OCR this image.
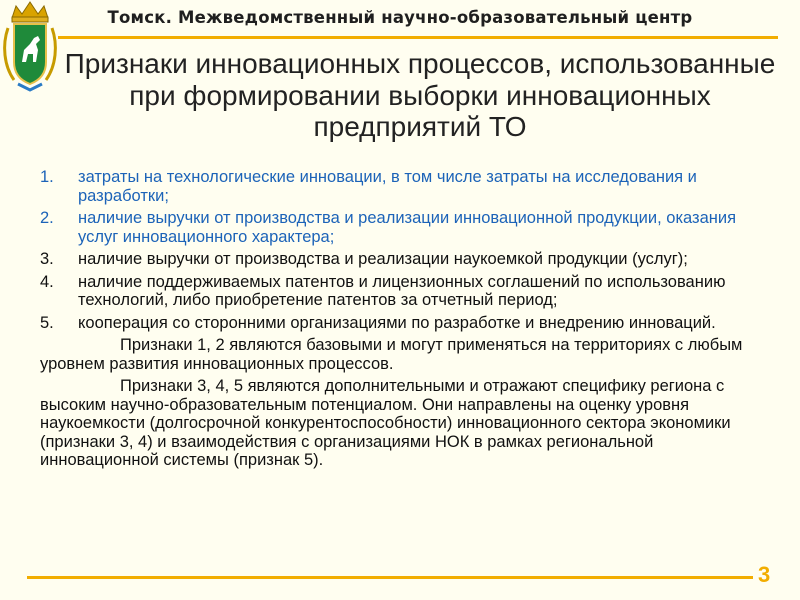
Томск. Межведомственный научно-образовательный центр
Признаки инновационных процессов, использованные при формировании выборки инновационных предприятий ТО
1.	затраты на технологические инновации, в том числе затраты на исследования и разработки;
2.	наличие выручки от производства и реализации инновационной продукции, оказания услуг инновационного характера;
3.	наличие выручки от производства и реализации наукоемкой продукции (услуг);
4.	наличие поддерживаемых патентов и лицензионных соглашений по использованию технологий, либо приобретение патентов за отчетный период;
5.	кооперация со сторонними организациями по разработке и внедрению инноваций.
Признаки 1, 2 являются базовыми и могут применяться на территориях с любым уровнем развития инновационных процессов.
Признаки 3, 4, 5 являются дополнительными и отражают специфику региона с высоким научно-образовательным потенциалом. Они направлены на оценку уровня наукоемкости (долгосрочной конкурентоспособности) инновационного сектора экономики (признаки 3, 4) и взаимодействия с организациями НОК в рамках региональной инновационной системы (признак 5).
3
